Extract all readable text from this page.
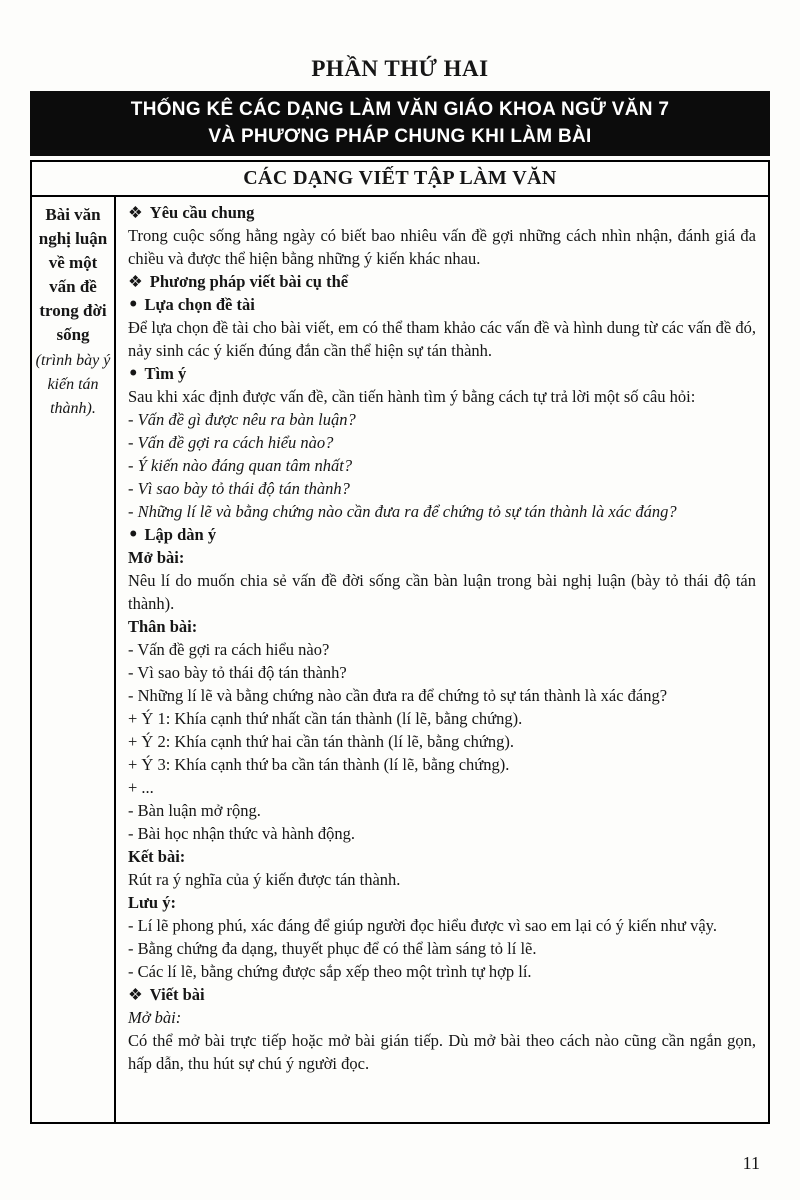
PHẦN THỨ HAI
THỐNG KÊ CÁC DẠNG LÀM VĂN GIÁO KHOA NGỮ VĂN 7
VÀ PHƯƠNG PHÁP CHUNG KHI LÀM BÀI
CÁC DẠNG VIẾT TẬP LÀM VĂN
Bài văn nghị luận về một vấn đề trong đời sống
(trình bày ý kiến tán thành).

❖ Yêu cầu chung

Trong cuộc sống hằng ngày có biết bao nhiêu vấn đề gợi những cách nhìn nhận, đánh giá đa chiều và được thể hiện bằng những ý kiến khác nhau.

❖ Phương pháp viết bài cụ thể

• Lựa chọn đề tài

Để lựa chọn đề tài cho bài viết, em có thể tham khảo các vấn đề và hình dung từ các vấn đề đó, nảy sinh các ý kiến đúng đắn cần thể hiện sự tán thành.

• Tìm ý

Sau khi xác định được vấn đề, cần tiến hành tìm ý bằng cách tự trả lời một số câu hỏi:

- Vấn đề gì được nêu ra bàn luận?

- Vấn đề gợi ra cách hiểu nào?

- Ý kiến nào đáng quan tâm nhất?

- Vì sao bày tỏ thái độ tán thành?

- Những lí lẽ và bằng chứng nào cần đưa ra để chứng tỏ sự tán thành là xác đáng?

• Lập dàn ý

Mở bài:

Nêu lí do muốn chia sẻ vấn đề đời sống cần bàn luận trong bài nghị luận (bày tỏ thái độ tán thành).

Thân bài:

- Vấn đề gợi ra cách hiểu nào?

- Vì sao bày tỏ thái độ tán thành?

- Những lí lẽ và bằng chứng nào cần đưa ra để chứng tỏ sự tán thành là xác đáng?

+ Ý 1: Khía cạnh thứ nhất cần tán thành (lí lẽ, bằng chứng).

+ Ý 2: Khía cạnh thứ hai cần tán thành (lí lẽ, bằng chứng).

+ Ý 3: Khía cạnh thứ ba cần tán thành (lí lẽ, bằng chứng).

+ ...

- Bàn luận mở rộng.

- Bài học nhận thức và hành động.

Kết bài:

Rút ra ý nghĩa của ý kiến được tán thành.

Lưu ý:

- Lí lẽ phong phú, xác đáng để giúp người đọc hiểu được vì sao em lại có ý kiến như vậy.

- Bằng chứng đa dạng, thuyết phục để có thể làm sáng tỏ lí lẽ.

- Các lí lẽ, bằng chứng được sắp xếp theo một trình tự hợp lí.

❖ Viết bài

Mở bài:

Có thể mở bài trực tiếp hoặc mở bài gián tiếp. Dù mở bài theo cách nào cũng cần ngắn gọn, hấp dẫn, thu hút sự chú ý người đọc.

11
